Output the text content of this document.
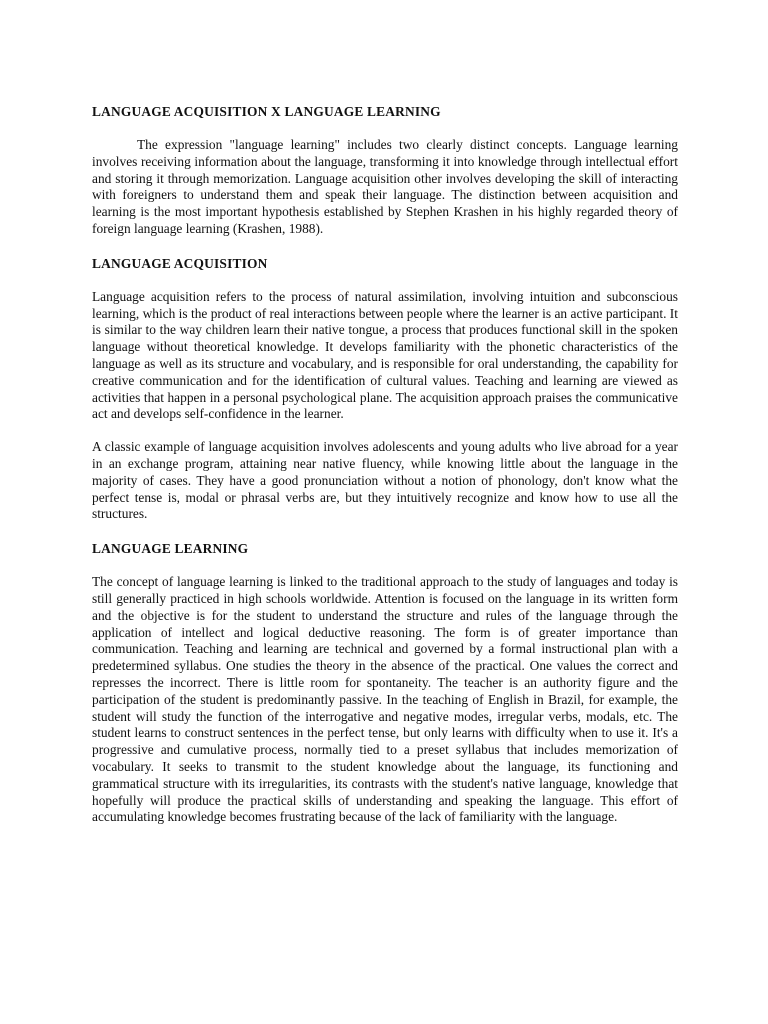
LANGUAGE ACQUISITION X LANGUAGE LEARNING

The expression "language learning" includes two clearly distinct concepts. Language learning involves receiving information about the language, transforming it into knowledge through intellectual effort and storing it through memorization. Language acquisition other involves developing the skill of interacting with foreigners to understand them and speak their language. The distinction between acquisition and learning is the most important hypothesis established by Stephen Krashen in his highly regarded theory of foreign language learning (Krashen, 1988).

LANGUAGE ACQUISITION

Language acquisition refers to the process of natural assimilation, involving intuition and subconscious learning, which is the product of real interactions between people where the learner is an active participant. It is similar to the way children learn their native tongue, a process that produces functional skill in the spoken language without theoretical knowledge. It develops familiarity with the phonetic characteristics of the language as well as its structure and vocabulary, and is responsible for oral understanding, the capability for creative communication and for the identification of cultural values. Teaching and learning are viewed as activities that happen in a personal psychological plane. The acquisition approach praises the communicative act and develops self-confidence in the learner.

A classic example of language acquisition involves adolescents and young adults who live abroad for a year in an exchange program, attaining near native fluency, while knowing little about the language in the majority of cases. They have a good pronunciation without a notion of phonology, don't know what the perfect tense is, modal or phrasal verbs are, but they intuitively recognize and know how to use all the structures.

LANGUAGE LEARNING

The concept of language learning is linked to the traditional approach to the study of languages and today is still generally practiced in high schools worldwide. Attention is focused on the language in its written form and the objective is for the student to understand the structure and rules of the language through the application of intellect and logical deductive reasoning. The form is of greater importance than communication. Teaching and learning are technical and governed by a formal instructional plan with a predetermined syllabus. One studies the theory in the absence of the practical. One values the correct and represses the incorrect. There is little room for spontaneity. The teacher is an authority figure and the participation of the student is predominantly passive. In the teaching of English in Brazil, for example, the student will study the function of the interrogative and negative modes, irregular verbs, modals, etc. The student learns to construct sentences in the perfect tense, but only learns with difficulty when to use it. It's a progressive and cumulative process, normally tied to a preset syllabus that includes memorization of vocabulary. It seeks to transmit to the student knowledge about the language, its functioning and grammatical structure with its irregularities, its contrasts with the student's native language, knowledge that hopefully will produce the practical skills of understanding and speaking the language. This effort of accumulating knowledge becomes frustrating because of the lack of familiarity with the language.
